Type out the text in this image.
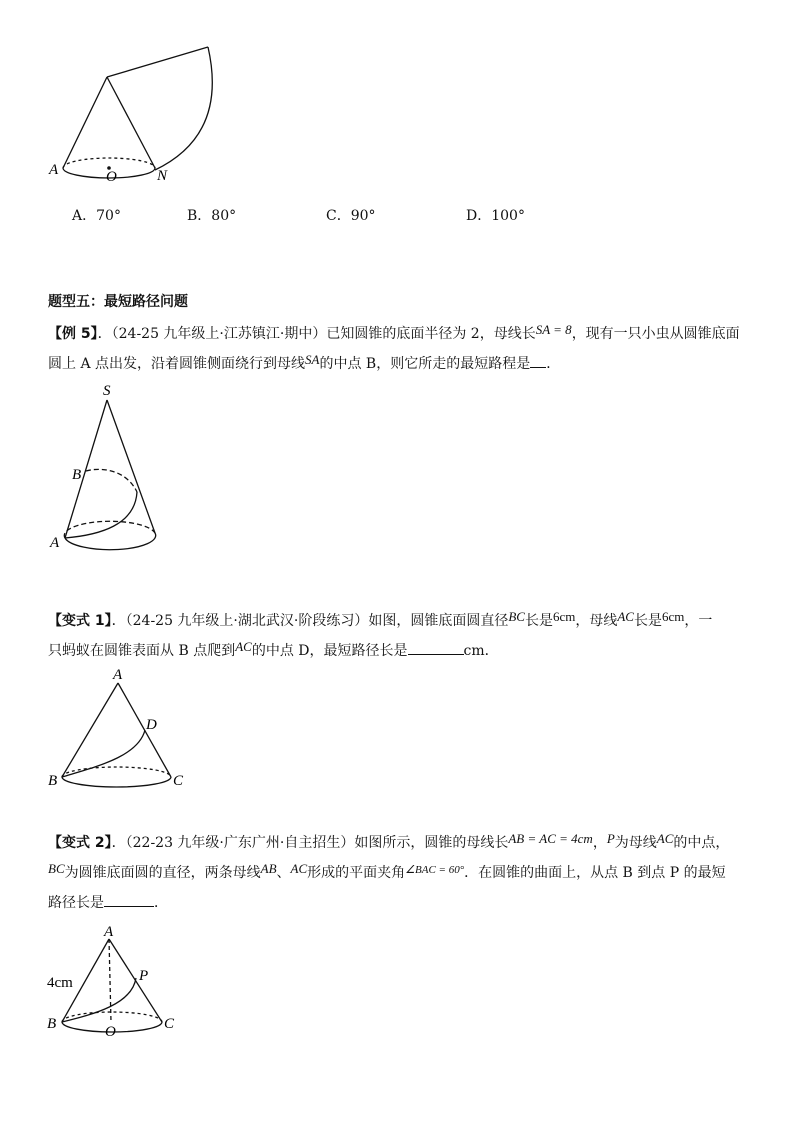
A	O	N
A．70°	B．80°	C．90°	D．100°
题型五：最短路径问题
【例 5】．（24-25 九年级上·江苏镇江·期中）已知圆锥的底面半径为 2，母线长SA = 8，现有一只小虫从圆锥底面
圆上 A 点出发，沿着圆锥侧面绕行到母线SA的中点 B，则它所走的最短路程是 ．
S
B
A
【变式 1】．（24-25 九年级上·湖北武汉·阶段练习）如图，圆锥底面圆直径BC长是6cm，母线AC长是6cm，一
只蚂蚁在圆锥表面从 B 点爬到AC的中点 D，最短路径长是	cm．
A
D
B	C
【变式 2】．（22-23 九年级·广东广州·自主招生）如图所示，圆锥的母线长AB = AC = 4cm，P为母线AC的中点，
BC为圆锥底面圆的直径，两条母线AB、AC形成的平面夹角$^{\angle BAC = 60^\circ}$．在圆锥的曲面上，从点 B 到点 P 的最短
路径长是	．
A
P
4cm
B	O	C
